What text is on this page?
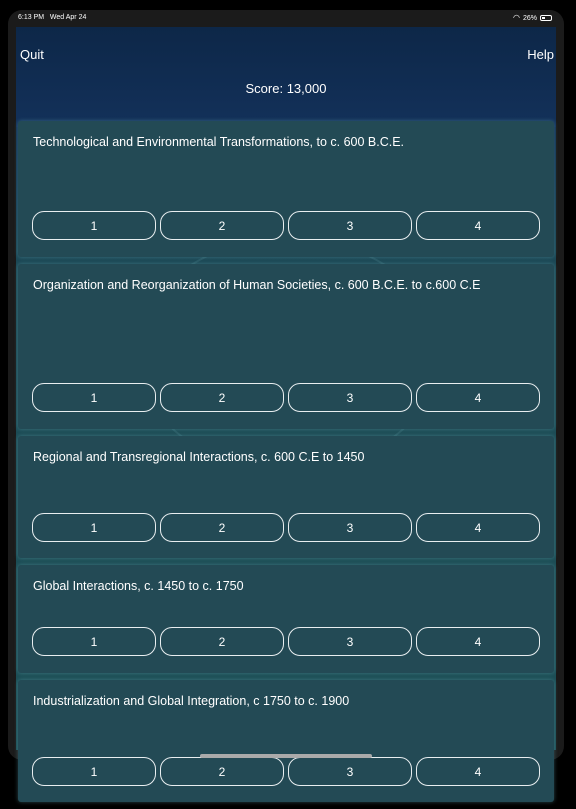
6:13 PM Wed Apr 24	◠ 26%
Quit	Help
Score: 13,000
Technological and Environmental Transformations, to c. 600 B.C.E.
1	2	3	4
Organization and Reorganization of Human Societies, c. 600 B.C.E. to c.600 C.E
1	2	3	4
Regional and Transregional Interactions, c. 600 C.E to 1450
1	2	3	4
Global Interactions, c. 1450 to c. 1750
1	2	3	4
Industrialization and Global Integration, c 1750 to c. 1900
1	2	3	4
